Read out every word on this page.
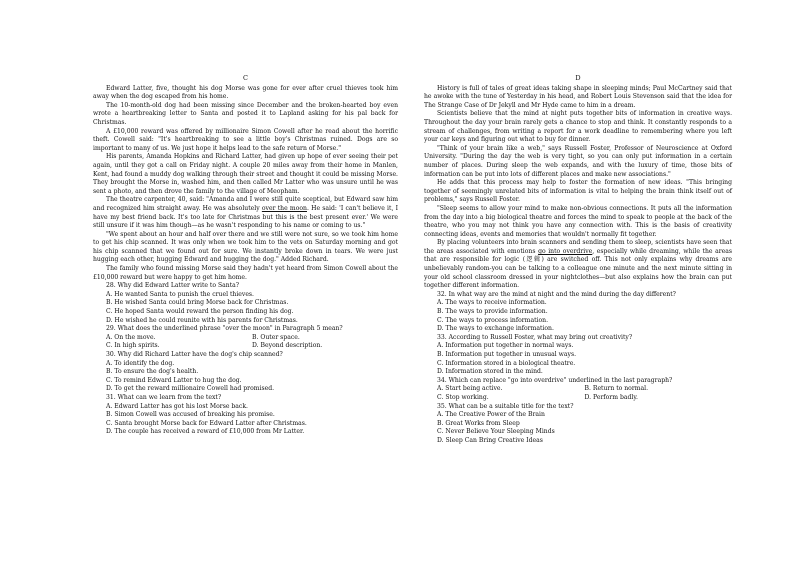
C

Edward Latter, five, thought his dog Morse was gone for ever after cruel thieves took him away when the dog escaped from his home.

The 10-month-old dog had been missing since December and the broken-hearted boy even wrote a heartbreaking letter to Santa and posted it to Lapland asking for his pal back for Christmas.

A £10,000 reward was offered by millionaire Simon Cowell after he read about the horrific theft. Cowell said: "It's heartbreaking to see a little boy's Christmas ruined. Dogs are so important to many of us. We just hope it helps lead to the safe return of Morse."

His parents, Amanda Hopkins and Richard Latter, had given up hope of ever seeing their pet again, until they got a call on Friday night. A couple 20 miles away from their home in Manlen, Kent, had found a muddy dog walking through their street and thought it could be missing Morse. They brought the Morse in, washed him, and then called Mr Latter who was unsure until he was sent a photo, and then drove the family to the village of Meopham.

The theatre carpenter, 40, said: "Amanda and I were still quite sceptical, but Edward saw him and recognized him straight away. He was absolutely over the moon. He said: 'I can't believe it, I have my best friend back. It's too late for Christmas but this is the best present ever.' We were still unsure if it was him though—as he wasn't responding to his name or coming to us."

"We spent about an hour and half over there and we still were not sure, so we took him home to get his chip scanned. It was only when we took him to the vets on Saturday morning and got his chip scanned that we found out for sure. We instantly broke down in tears. We were just hugging each other, hugging Edward and hugging the dog." Added Richard.

The family who found missing Morse said they hadn't yet heard from Simon Cowell about the £10,000 reward but were happy to get him home.

28. Why did Edward Latter write to Santa?
A. He wanted Santa to punish the cruel thieves.
B. He wished Santa could bring Morse back for Christmas.
C. He hoped Santa would reward the person finding his dog.
D. He wished he could reunite with his parents for Christmas.
29. What does the underlined phrase "over the moon" in Paragraph 5 mean?
A. On the move.	B. Outer space.
C. In high spirits.	D. Beyond description.
30. Why did Richard Latter have the dog's chip scanned?
A. To identify the dog.
B. To ensure the dog's health.
C. To remind Edward Latter to hug the dog.
D. To get the reward millionaire Cowell had promised.
31. What can we learn from the text?
A. Edward Latter has got his lost Morse back.
B. Simon Cowell was accused of breaking his promise.
C. Santa brought Morse back for Edward Latter after Christmas.
D. The couple has received a reward of £10,000 from Mr Latter.
D

History is full of tales of great ideas taking shape in sleeping minds; Paul McCartney said that he awoke with the tune of Yesterday in his head, and Robert Louis Stevenson said that the idea for The Strange Case of Dr Jekyll and Mr Hyde came to him in a dream.

Scientists believe that the mind at night puts together bits of information in creative ways. Throughout the day your brain rarely gets a chance to stop and think. It constantly responds to a stream of challenges, from writing a report for a work deadline to remembering where you left your car keys and figuring out what to buy for dinner.

"Think of your brain like a web," says Russell Foster, Professor of Neuroscience at Oxford University. "During the day the web is very tight, so you can only put information in a certain number of places. During sleep the web expands, and with the luxury of time, those bits of information can be put into lots of different places and make new associations."

He adds that this process may help to foster the formation of new ideas. "This bringing together of seemingly unrelated bits of information is vital to helping the brain think itself out of problems," says Russell Foster.

"Sleep seems to allow your mind to make non-obvious connections. It puts all the information from the day into a big biological theatre and forces the mind to speak to people at the back of the theatre, who you may not think you have any connection with. This is the basis of creativity connecting ideas, events and memories that wouldn't normally fit together.

By placing volunteers into brain scanners and sending them to sleep, scientists have seen that the areas associated with emotions go into overdrive, especially while dreaming, while the areas that are responsible for logic (逻辑) are switched off. This not only explains why dreams are unbelievably random-you can be talking to a colleague one minute and the next minute sitting in your old school classroom dressed in your nightclothes—but also explains how the brain can put together different information.

32. In what way are the mind at night and the mind during the day different?
A. The ways to receive information.
B. The ways to provide information.
C. The ways to process information.
D. The ways to exchange information.
33. According to Russell Foster, what may bring out creativity?
A. Information put together in normal ways.
B. Information put together in unusual ways.
C. Information stored in a biological theatre.
D. Information stored in the mind.
34. Which can replace "go into overdrive" underlined in the last paragraph?
A. Start being active.	B. Return to normal.
C. Stop working.	D. Perform badly.
35. What can be a suitable title for the text?
A. The Creative Power of the Brain
B. Great Works from Sleep
C. Never Believe Your Sleeping Minds
D. Sleep Can Bring Creative Ideas
